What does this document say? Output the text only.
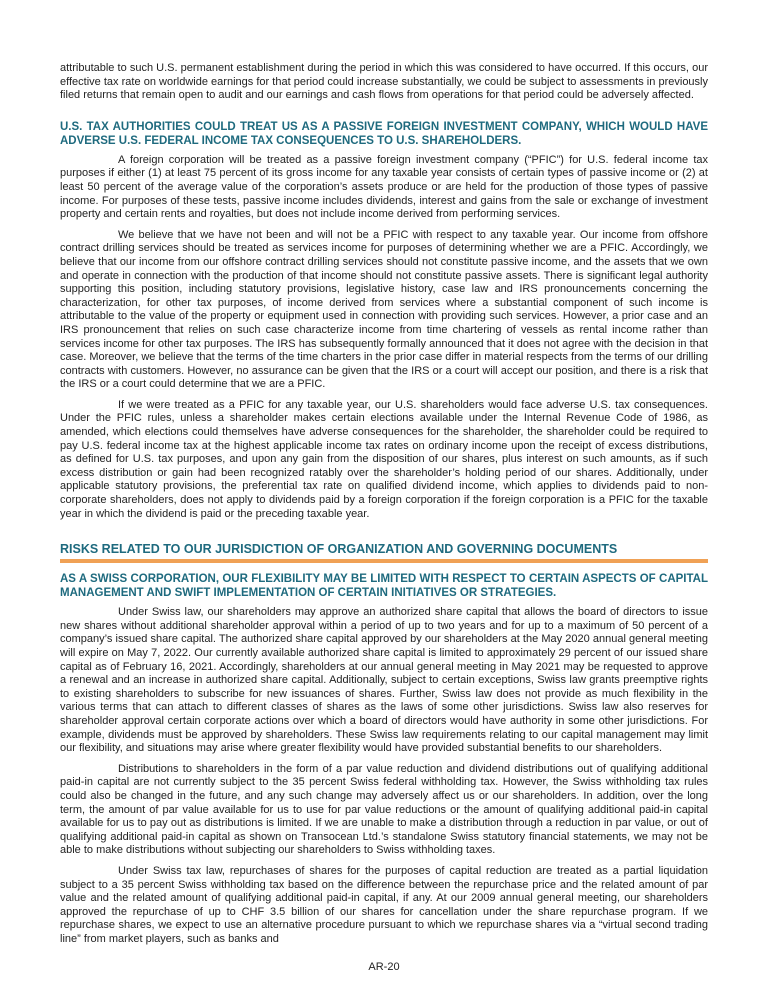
attributable to such U.S. permanent establishment during the period in which this was considered to have occurred. If this occurs, our effective tax rate on worldwide earnings for that period could increase substantially, we could be subject to assessments in previously filed returns that remain open to audit and our earnings and cash flows from operations for that period could be adversely affected.

U.S. TAX AUTHORITIES COULD TREAT US AS A PASSIVE FOREIGN INVESTMENT COMPANY, WHICH WOULD HAVE ADVERSE U.S. FEDERAL INCOME TAX CONSEQUENCES TO U.S. SHAREHOLDERS.

A foreign corporation will be treated as a passive foreign investment company (“PFIC”) for U.S. federal income tax purposes if either (1) at least 75 percent of its gross income for any taxable year consists of certain types of passive income or (2) at least 50 percent of the average value of the corporation’s assets produce or are held for the production of those types of passive income. For purposes of these tests, passive income includes dividends, interest and gains from the sale or exchange of investment property and certain rents and royalties, but does not include income derived from performing services.

We believe that we have not been and will not be a PFIC with respect to any taxable year. Our income from offshore contract drilling services should be treated as services income for purposes of determining whether we are a PFIC. Accordingly, we believe that our income from our offshore contract drilling services should not constitute passive income, and the assets that we own and operate in connection with the production of that income should not constitute passive assets. There is significant legal authority supporting this position, including statutory provisions, legislative history, case law and IRS pronouncements concerning the characterization, for other tax purposes, of income derived from services where a substantial component of such income is attributable to the value of the property or equipment used in connection with providing such services. However, a prior case and an IRS pronouncement that relies on such case characterize income from time chartering of vessels as rental income rather than services income for other tax purposes. The IRS has subsequently formally announced that it does not agree with the decision in that case. Moreover, we believe that the terms of the time charters in the prior case differ in material respects from the terms of our drilling contracts with customers. However, no assurance can be given that the IRS or a court will accept our position, and there is a risk that the IRS or a court could determine that we are a PFIC.

If we were treated as a PFIC for any taxable year, our U.S. shareholders would face adverse U.S. tax consequences. Under the PFIC rules, unless a shareholder makes certain elections available under the Internal Revenue Code of 1986, as amended, which elections could themselves have adverse consequences for the shareholder, the shareholder could be required to pay U.S. federal income tax at the highest applicable income tax rates on ordinary income upon the receipt of excess distributions, as defined for U.S. tax purposes, and upon any gain from the disposition of our shares, plus interest on such amounts, as if such excess distribution or gain had been recognized ratably over the shareholder’s holding period of our shares. Additionally, under applicable statutory provisions, the preferential tax rate on qualified dividend income, which applies to dividends paid to non-corporate shareholders, does not apply to dividends paid by a foreign corporation if the foreign corporation is a PFIC for the taxable year in which the dividend is paid or the preceding taxable year.

RISKS RELATED TO OUR JURISDICTION OF ORGANIZATION AND GOVERNING DOCUMENTS
AS A SWISS CORPORATION, OUR FLEXIBILITY MAY BE LIMITED WITH RESPECT TO CERTAIN ASPECTS OF CAPITAL MANAGEMENT AND SWIFT IMPLEMENTATION OF CERTAIN INITIATIVES OR STRATEGIES.

Under Swiss law, our shareholders may approve an authorized share capital that allows the board of directors to issue new shares without additional shareholder approval within a period of up to two years and for up to a maximum of 50 percent of a company’s issued share capital. The authorized share capital approved by our shareholders at the May 2020 annual general meeting will expire on May 7, 2022. Our currently available authorized share capital is limited to approximately 29 percent of our issued share capital as of February 16, 2021. Accordingly, shareholders at our annual general meeting in May 2021 may be requested to approve a renewal and an increase in authorized share capital. Additionally, subject to certain exceptions, Swiss law grants preemptive rights to existing shareholders to subscribe for new issuances of shares. Further, Swiss law does not provide as much flexibility in the various terms that can attach to different classes of shares as the laws of some other jurisdictions. Swiss law also reserves for shareholder approval certain corporate actions over which a board of directors would have authority in some other jurisdictions. For example, dividends must be approved by shareholders. These Swiss law requirements relating to our capital management may limit our flexibility, and situations may arise where greater flexibility would have provided substantial benefits to our shareholders.

Distributions to shareholders in the form of a par value reduction and dividend distributions out of qualifying additional paid-in capital are not currently subject to the 35 percent Swiss federal withholding tax. However, the Swiss withholding tax rules could also be changed in the future, and any such change may adversely affect us or our shareholders. In addition, over the long term, the amount of par value available for us to use for par value reductions or the amount of qualifying additional paid-in capital available for us to pay out as distributions is limited. If we are unable to make a distribution through a reduction in par value, or out of qualifying additional paid-in capital as shown on Transocean Ltd.’s standalone Swiss statutory financial statements, we may not be able to make distributions without subjecting our shareholders to Swiss withholding taxes.

Under Swiss tax law, repurchases of shares for the purposes of capital reduction are treated as a partial liquidation subject to a 35 percent Swiss withholding tax based on the difference between the repurchase price and the related amount of par value and the related amount of qualifying additional paid-in capital, if any. At our 2009 annual general meeting, our shareholders approved the repurchase of up to CHF 3.5 billion of our shares for cancellation under the share repurchase program. If we repurchase shares, we expect to use an alternative procedure pursuant to which we repurchase shares via a “virtual second trading line” from market players, such as banks and

AR-20
